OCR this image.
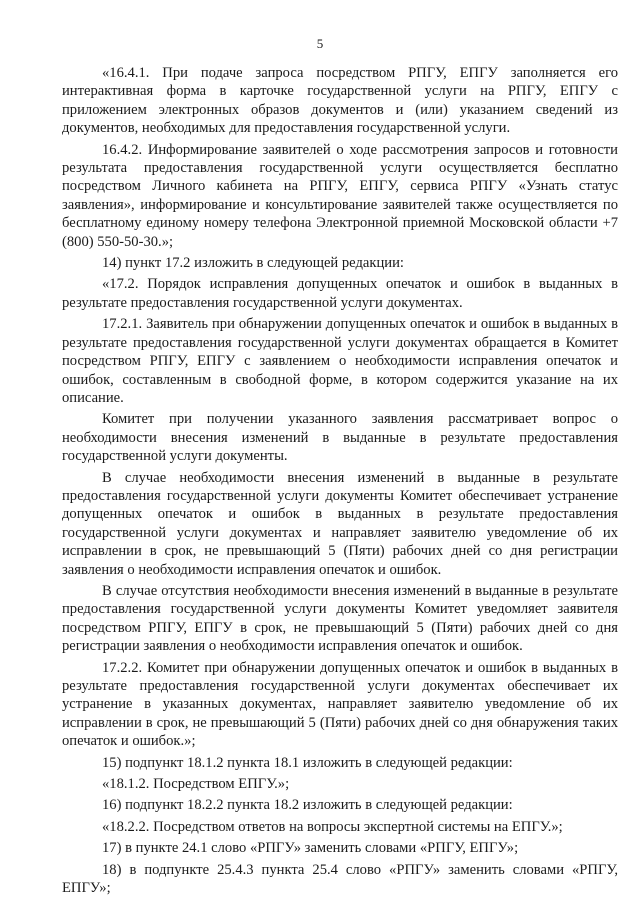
5

«16.4.1. При подаче запроса посредством РПГУ, ЕПГУ заполняется его интерактивная форма в карточке государственной услуги на РПГУ, ЕПГУ с приложением электронных образов документов и (или) указанием сведений из документов, необходимых для предоставления государственной услуги.

16.4.2. Информирование заявителей о ходе рассмотрения запросов и готовности результата предоставления государственной услуги осуществляется бесплатно посредством Личного кабинета на РПГУ, ЕПГУ, сервиса РПГУ «Узнать статус заявления», информирование и консультирование заявителей также осуществляется по бесплатному единому номеру телефона Электронной приемной Московской области +7 (800) 550-50-30.»;

14) пункт 17.2 изложить в следующей редакции:

«17.2. Порядок исправления допущенных опечаток и ошибок в выданных в результате предоставления государственной услуги документах.

17.2.1. Заявитель при обнаружении допущенных опечаток и ошибок в выданных в результате предоставления государственной услуги документах обращается в Комитет посредством РПГУ, ЕПГУ с заявлением о необходимости исправления опечаток и ошибок, составленным в свободной форме, в котором содержится указание на их описание.

Комитет при получении указанного заявления рассматривает вопрос о необходимости внесения изменений в выданные в результате предоставления государственной услуги документы.

В случае необходимости внесения изменений в выданные в результате предоставления государственной услуги документы Комитет обеспечивает устранение допущенных опечаток и ошибок в выданных в результате предоставления государственной услуги документах и направляет заявителю уведомление об их исправлении в срок, не превышающий 5 (Пяти) рабочих дней со дня регистрации заявления о необходимости исправления опечаток и ошибок.

В случае отсутствия необходимости внесения изменений в выданные в результате предоставления государственной услуги документы Комитет уведомляет заявителя посредством РПГУ, ЕПГУ в срок, не превышающий 5 (Пяти) рабочих дней со дня регистрации заявления о необходимости исправления опечаток и ошибок.

17.2.2. Комитет при обнаружении допущенных опечаток и ошибок в выданных в результате предоставления государственной услуги документах обеспечивает их устранение в указанных документах, направляет заявителю уведомление об их исправлении в срок, не превышающий 5 (Пяти) рабочих дней со дня обнаружения таких опечаток и ошибок.»;

15) подпункт 18.1.2 пункта 18.1 изложить в следующей редакции:

«18.1.2. Посредством ЕПГУ.»;

16) подпункт 18.2.2 пункта 18.2 изложить в следующей редакции:

«18.2.2. Посредством ответов на вопросы экспертной системы на ЕПГУ.»;

17) в пункте 24.1 слово «РПГУ» заменить словами «РПГУ, ЕПГУ»;

18) в подпункте 25.4.3 пункта 25.4 слово «РПГУ» заменить словами «РПГУ, ЕПГУ»;
